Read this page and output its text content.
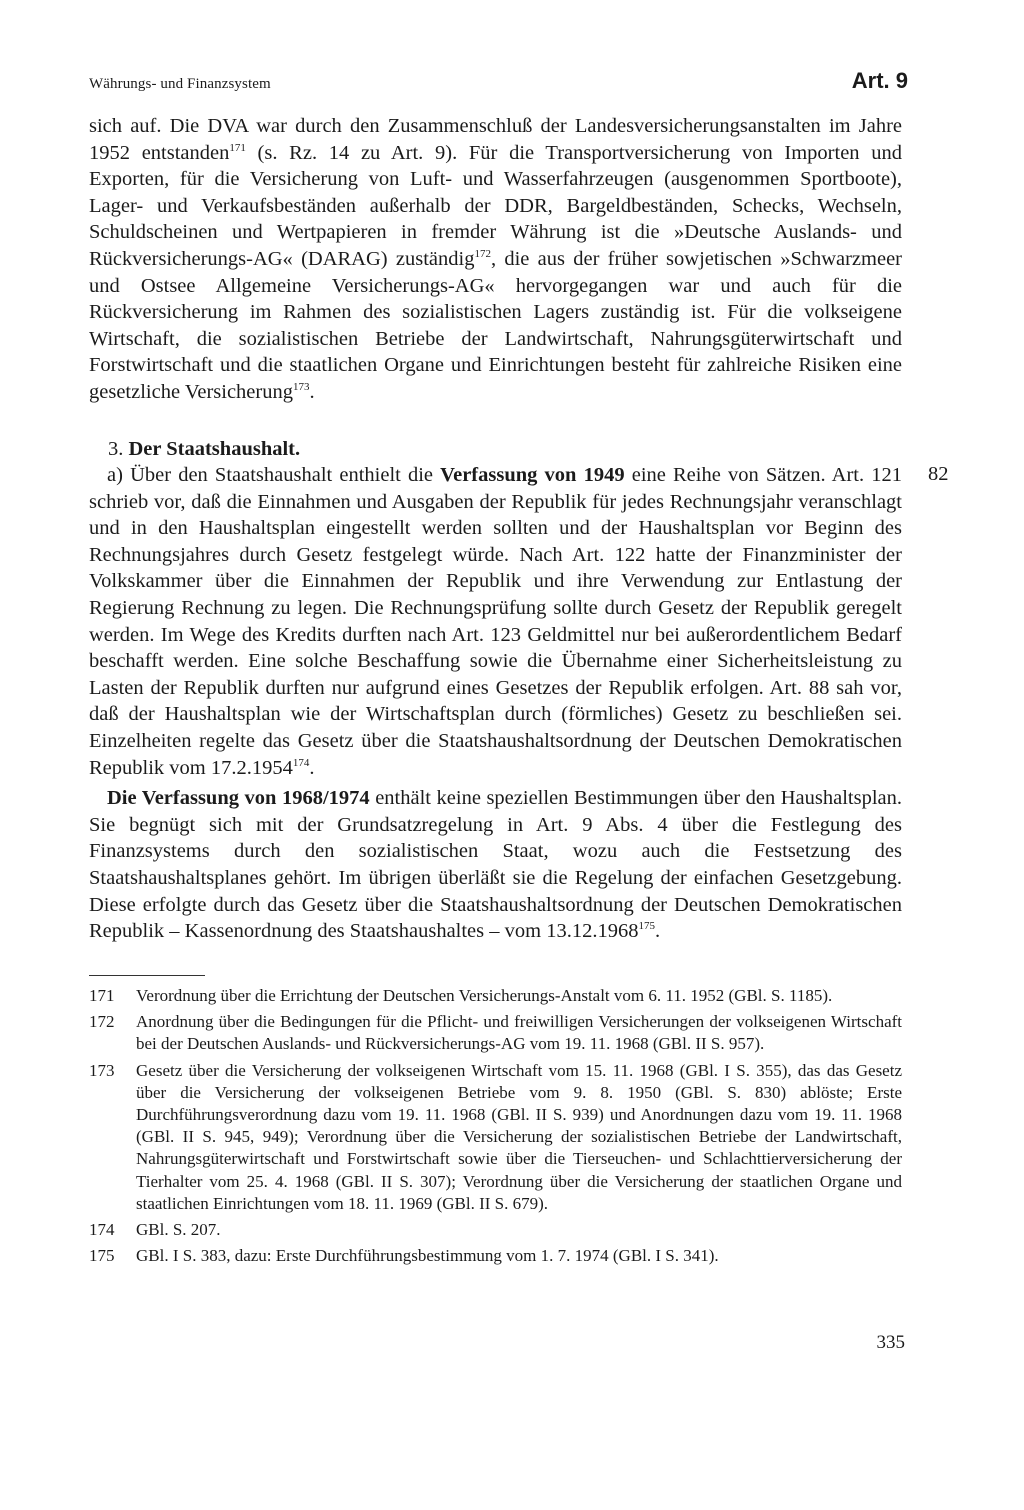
Währungs- und Finanzsystem	Art. 9

sich auf. Die DVA war durch den Zusammenschluß der Landesversicherungsanstalten im Jahre 1952 entstanden$^{171}$ (s. Rz. 14 zu Art. 9). Für die Transportversicherung von Importen und Exporten, für die Versicherung von Luft- und Wasserfahrzeugen (ausgenommen Sportboote), Lager- und Verkaufsbeständen außerhalb der DDR, Bargeldbeständen, Schecks, Wechseln, Schuldscheinen und Wertpapieren in fremder Währung ist die »Deutsche Auslands- und Rückversicherungs-AG« (DARAG) zuständig$^{172}$, die aus der früher sowjetischen »Schwarzmeer und Ostsee Allgemeine Versicherungs-AG« hervorgegangen war und auch für die Rückversicherung im Rahmen des sozialistischen Lagers zuständig ist. Für die volkseigene Wirtschaft, die sozialistischen Betriebe der Landwirtschaft, Nahrungsgüterwirtschaft und Forstwirtschaft und die staatlichen Organe und Einrichtungen besteht für zahlreiche Risiken eine gesetzliche Versicherung$^{173}$.

3. Der Staatshaushalt.
82

a) Über den Staatshaushalt enthielt die Verfassung von 1949 eine Reihe von Sätzen. Art. 121 schrieb vor, daß die Einnahmen und Ausgaben der Republik für jedes Rechnungsjahr veranschlagt und in den Haushaltsplan eingestellt werden sollten und der Haushaltsplan vor Beginn des Rechnungsjahres durch Gesetz festgelegt würde. Nach Art. 122 hatte der Finanzminister der Volkskammer über die Einnahmen der Republik und ihre Verwendung zur Entlastung der Regierung Rechnung zu legen. Die Rechnungsprüfung sollte durch Gesetz der Republik geregelt werden. Im Wege des Kredits durften nach Art. 123 Geldmittel nur bei außerordentlichem Bedarf beschafft werden. Eine solche Beschaffung sowie die Übernahme einer Sicherheitsleistung zu Lasten der Republik durften nur aufgrund eines Gesetzes der Republik erfolgen. Art. 88 sah vor, daß der Haushaltsplan wie der Wirtschaftsplan durch (förmliches) Gesetz zu beschließen sei. Einzelheiten regelte das Gesetz über die Staatshaushaltsordnung der Deutschen Demokratischen Republik vom 17.2.1954$^{174}$.

Die Verfassung von 1968/1974 enthält keine speziellen Bestimmungen über den Haushaltsplan. Sie begnügt sich mit der Grundsatzregelung in Art. 9 Abs. 4 über die Festlegung des Finanzsystems durch den sozialistischen Staat, wozu auch die Festsetzung des Staatshaushaltsplanes gehört. Im übrigen überläßt sie die Regelung der einfachen Gesetzgebung. Diese erfolgte durch das Gesetz über die Staatshaushaltsordnung der Deutschen Demokratischen Republik – Kassenordnung des Staatshaushaltes – vom 13.12.1968$^{175}$.

171	Verordnung über die Errichtung der Deutschen Versicherungs-Anstalt vom 6. 11. 1952 (GBl. S. 1185).
172	Anordnung über die Bedingungen für die Pflicht- und freiwilligen Versicherungen der volkseigenen Wirtschaft bei der Deutschen Auslands- und Rückversicherungs-AG vom 19. 11. 1968 (GBl. II S. 957).
173	Gesetz über die Versicherung der volkseigenen Wirtschaft vom 15. 11. 1968 (GBl. I S. 355), das das Gesetz über die Versicherung der volkseigenen Betriebe vom 9. 8. 1950 (GBl. S. 830) ablöste; Erste Durchführungsverordnung dazu vom 19. 11. 1968 (GBl. II S. 939) und Anordnungen dazu vom 19. 11. 1968 (GBl. II S. 945, 949); Verordnung über die Versicherung der sozialistischen Betriebe der Landwirtschaft, Nahrungsgüterwirtschaft und Forstwirtschaft sowie über die Tierseuchen- und Schlachttierversicherung der Tierhalter vom 25. 4. 1968 (GBl. II S. 307); Verordnung über die Versicherung der staatlichen Organe und staatlichen Einrichtungen vom 18. 11. 1969 (GBl. II S. 679).
174	GBl. S. 207.
175	GBl. I S. 383, dazu: Erste Durchführungsbestimmung vom 1. 7. 1974 (GBl. I S. 341).
335
